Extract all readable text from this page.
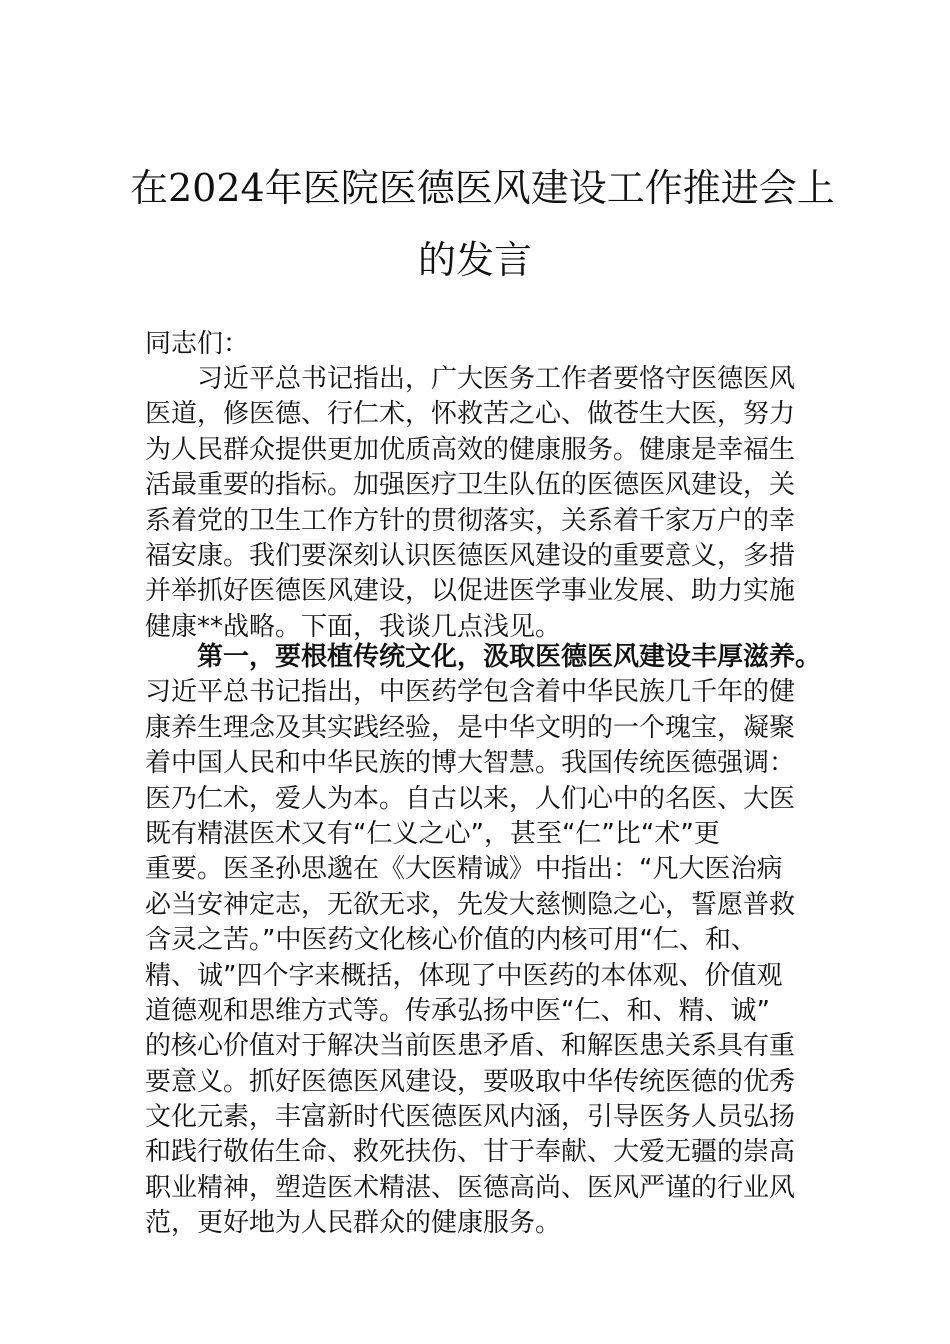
在2024年医院医德医风建设工作推进会上
的发言
同志们：
习近平总书记指出，广大医务工作者要恪守医德医风
医道，修医德、行仁术，怀救苦之心、做苍生大医，努力
为人民群众提供更加优质高效的健康服务。健康是幸福生
活最重要的指标。加强医疗卫生队伍的医德医风建设，关
系着党的卫生工作方针的贯彻落实，关系着千家万户的幸
福安康。我们要深刻认识医德医风建设的重要意义，多措
并举抓好医德医风建设，以促进医学事业发展、助力实施
健康**战略。下面，我谈几点浅见。
第一，要根植传统文化，汲取医德医风建设丰厚滋养。
习近平总书记指出，中医药学包含着中华民族几千年的健
康养生理念及其实践经验，是中华文明的一个瑰宝，凝聚
着中国人民和中华民族的博大智慧。我国传统医德强调：
医乃仁术，爱人为本。自古以来，人们心中的名医、大医
既有精湛医术又有“仁义之心”，甚至“仁”比“术”更
重要。医圣孙思邈在《大医精诚》中指出：“凡大医治病
必当安神定志，无欲无求，先发大慈恻隐之心，誓愿普救
含灵之苦。”中医药文化核心价值的内核可用“仁、和、
精、诚”四个字来概括，体现了中医药的本体观、价值观
道德观和思维方式等。传承弘扬中医“仁、和、精、诚”
的核心价值对于解决当前医患矛盾、和解医患关系具有重
要意义。抓好医德医风建设，要吸取中华传统医德的优秀
文化元素，丰富新时代医德医风内涵，引导医务人员弘扬
和践行敬佑生命、救死扶伤、甘于奉献、大爱无疆的崇高
职业精神，塑造医术精湛、医德高尚、医风严谨的行业风
范，更好地为人民群众的健康服务。
